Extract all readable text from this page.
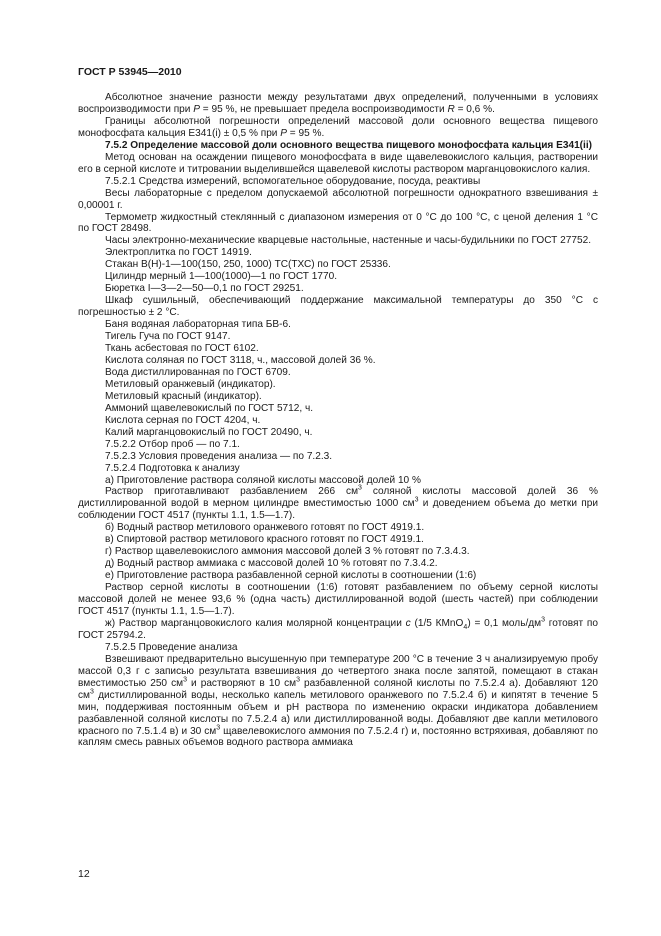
ГОСТ Р 53945—2010

Абсолютное значение разности между результатами двух определений, полученными в условиях воспроизводимости при P = 95 %, не превышает предела воспроизводимости R = 0,6 %.

Границы абсолютной погрешности определений массовой доли основного вещества пищевого монофосфата кальция Е341(i) ± 0,5 % при P = 95 %.

7.5.2 Определение массовой доли основного вещества пищевого монофосфата кальция Е341(ii)

Метод основан на осаждении пищевого монофосфата в виде щавелевокислого кальция, растворении его в серной кислоте и титровании выделившейся щавелевой кислоты раствором марганцовокислого калия.

7.5.2.1 Средства измерений, вспомогательное оборудование, посуда, реактивы

Весы лабораторные с пределом допускаемой абсолютной погрешности однократного взвешивания ± 0,00001 г.

Термометр жидкостный стеклянный с диапазоном измерения от 0 °С до 100 °С, с ценой деления 1 °С по ГОСТ 28498.

Часы электронно-механические кварцевые настольные, настенные и часы-будильники по ГОСТ 27752.

Электроплитка по ГОСТ 14919.

Стакан В(Н)-1—100(150, 250, 1000) ТС(ТХС) по ГОСТ 25336.

Цилиндр мерный 1—100(1000)—1 по ГОСТ 1770.

Бюретка I—3—2—50—0,1 по ГОСТ 29251.

Шкаф сушильный, обеспечивающий поддержание максимальной температуры до 350 °С с погрешностью ± 2 °С.

Баня водяная лабораторная типа БВ-6.

Тигель Гуча по ГОСТ 9147.

Ткань асбестовая по ГОСТ 6102.

Кислота соляная по ГОСТ 3118, ч., массовой долей 36 %.

Вода дистиллированная по ГОСТ 6709.

Метиловый оранжевый (индикатор).

Метиловый красный (индикатор).

Аммоний щавелевокислый по ГОСТ 5712, ч.

Кислота серная по ГОСТ 4204, ч.

Калий марганцовокислый по ГОСТ 20490, ч.

7.5.2.2 Отбор проб — по 7.1.

7.5.2.3 Условия проведения анализа — по 7.2.3.

7.5.2.4 Подготовка к анализу

а) Приготовление раствора соляной кислоты массовой долей 10 %

Раствор приготавливают разбавлением 266 $см^3$ соляной кислоты массовой долей 36 % дистиллированной водой в мерном цилиндре вместимостью 1000 $см^3$ и доведением объема до метки при соблюдении ГОСТ 4517 (пункты 1.1, 1.5—1.7).

б) Водный раствор метилового оранжевого готовят по ГОСТ 4919.1.

в) Спиртовой раствор метилового красного готовят по ГОСТ 4919.1.

г) Раствор щавелевокислого аммония массовой долей 3 % готовят по 7.3.4.3.

д) Водный раствор аммиака с массовой долей 10 % готовят по 7.3.4.2.

е) Приготовление раствора разбавленной серной кислоты в соотношении (1:6)

Раствор серной кислоты в соотношении (1:6) готовят разбавлением по объему серной кислоты массовой долей не менее 93,6 % (одна часть) дистиллированной водой (шесть частей) при соблюдении ГОСТ 4517 (пункты 1.1, 1.5—1.7).

ж) Раствор марганцовокислого калия молярной концентрации c (1/5 КMnO$_4$) = 0,1 моль/$дм^3$ готовят по ГОСТ 25794.2.

7.5.2.5 Проведение анализа

Взвешивают предварительно высушенную при температуре 200 °С в течение 3 ч анализируемую пробу массой 0,3 г с записью результата взвешивания до четвертого знака после запятой, помещают в стакан вместимостью 250 $см^3$ и растворяют в 10 $см^3$ разбавленной соляной кислоты по 7.5.2.4 а). Добавляют 120 $см^3$ дистиллированной воды, несколько капель метилового оранжевого по 7.5.2.4 б) и кипятят в течение 5 мин, поддерживая постоянным объем и рН раствора по изменению окраски индикатора добавлением разбавленной соляной кислоты по 7.5.2.4 а) или дистиллированной воды. Добавляют две капли метилового красного по 7.5.1.4 в) и 30 $см^3$ щавелевокислого аммония по 7.5.2.4 г) и, постоянно встряхивая, добавляют по каплям смесь равных объемов водного раствора аммиака

12
